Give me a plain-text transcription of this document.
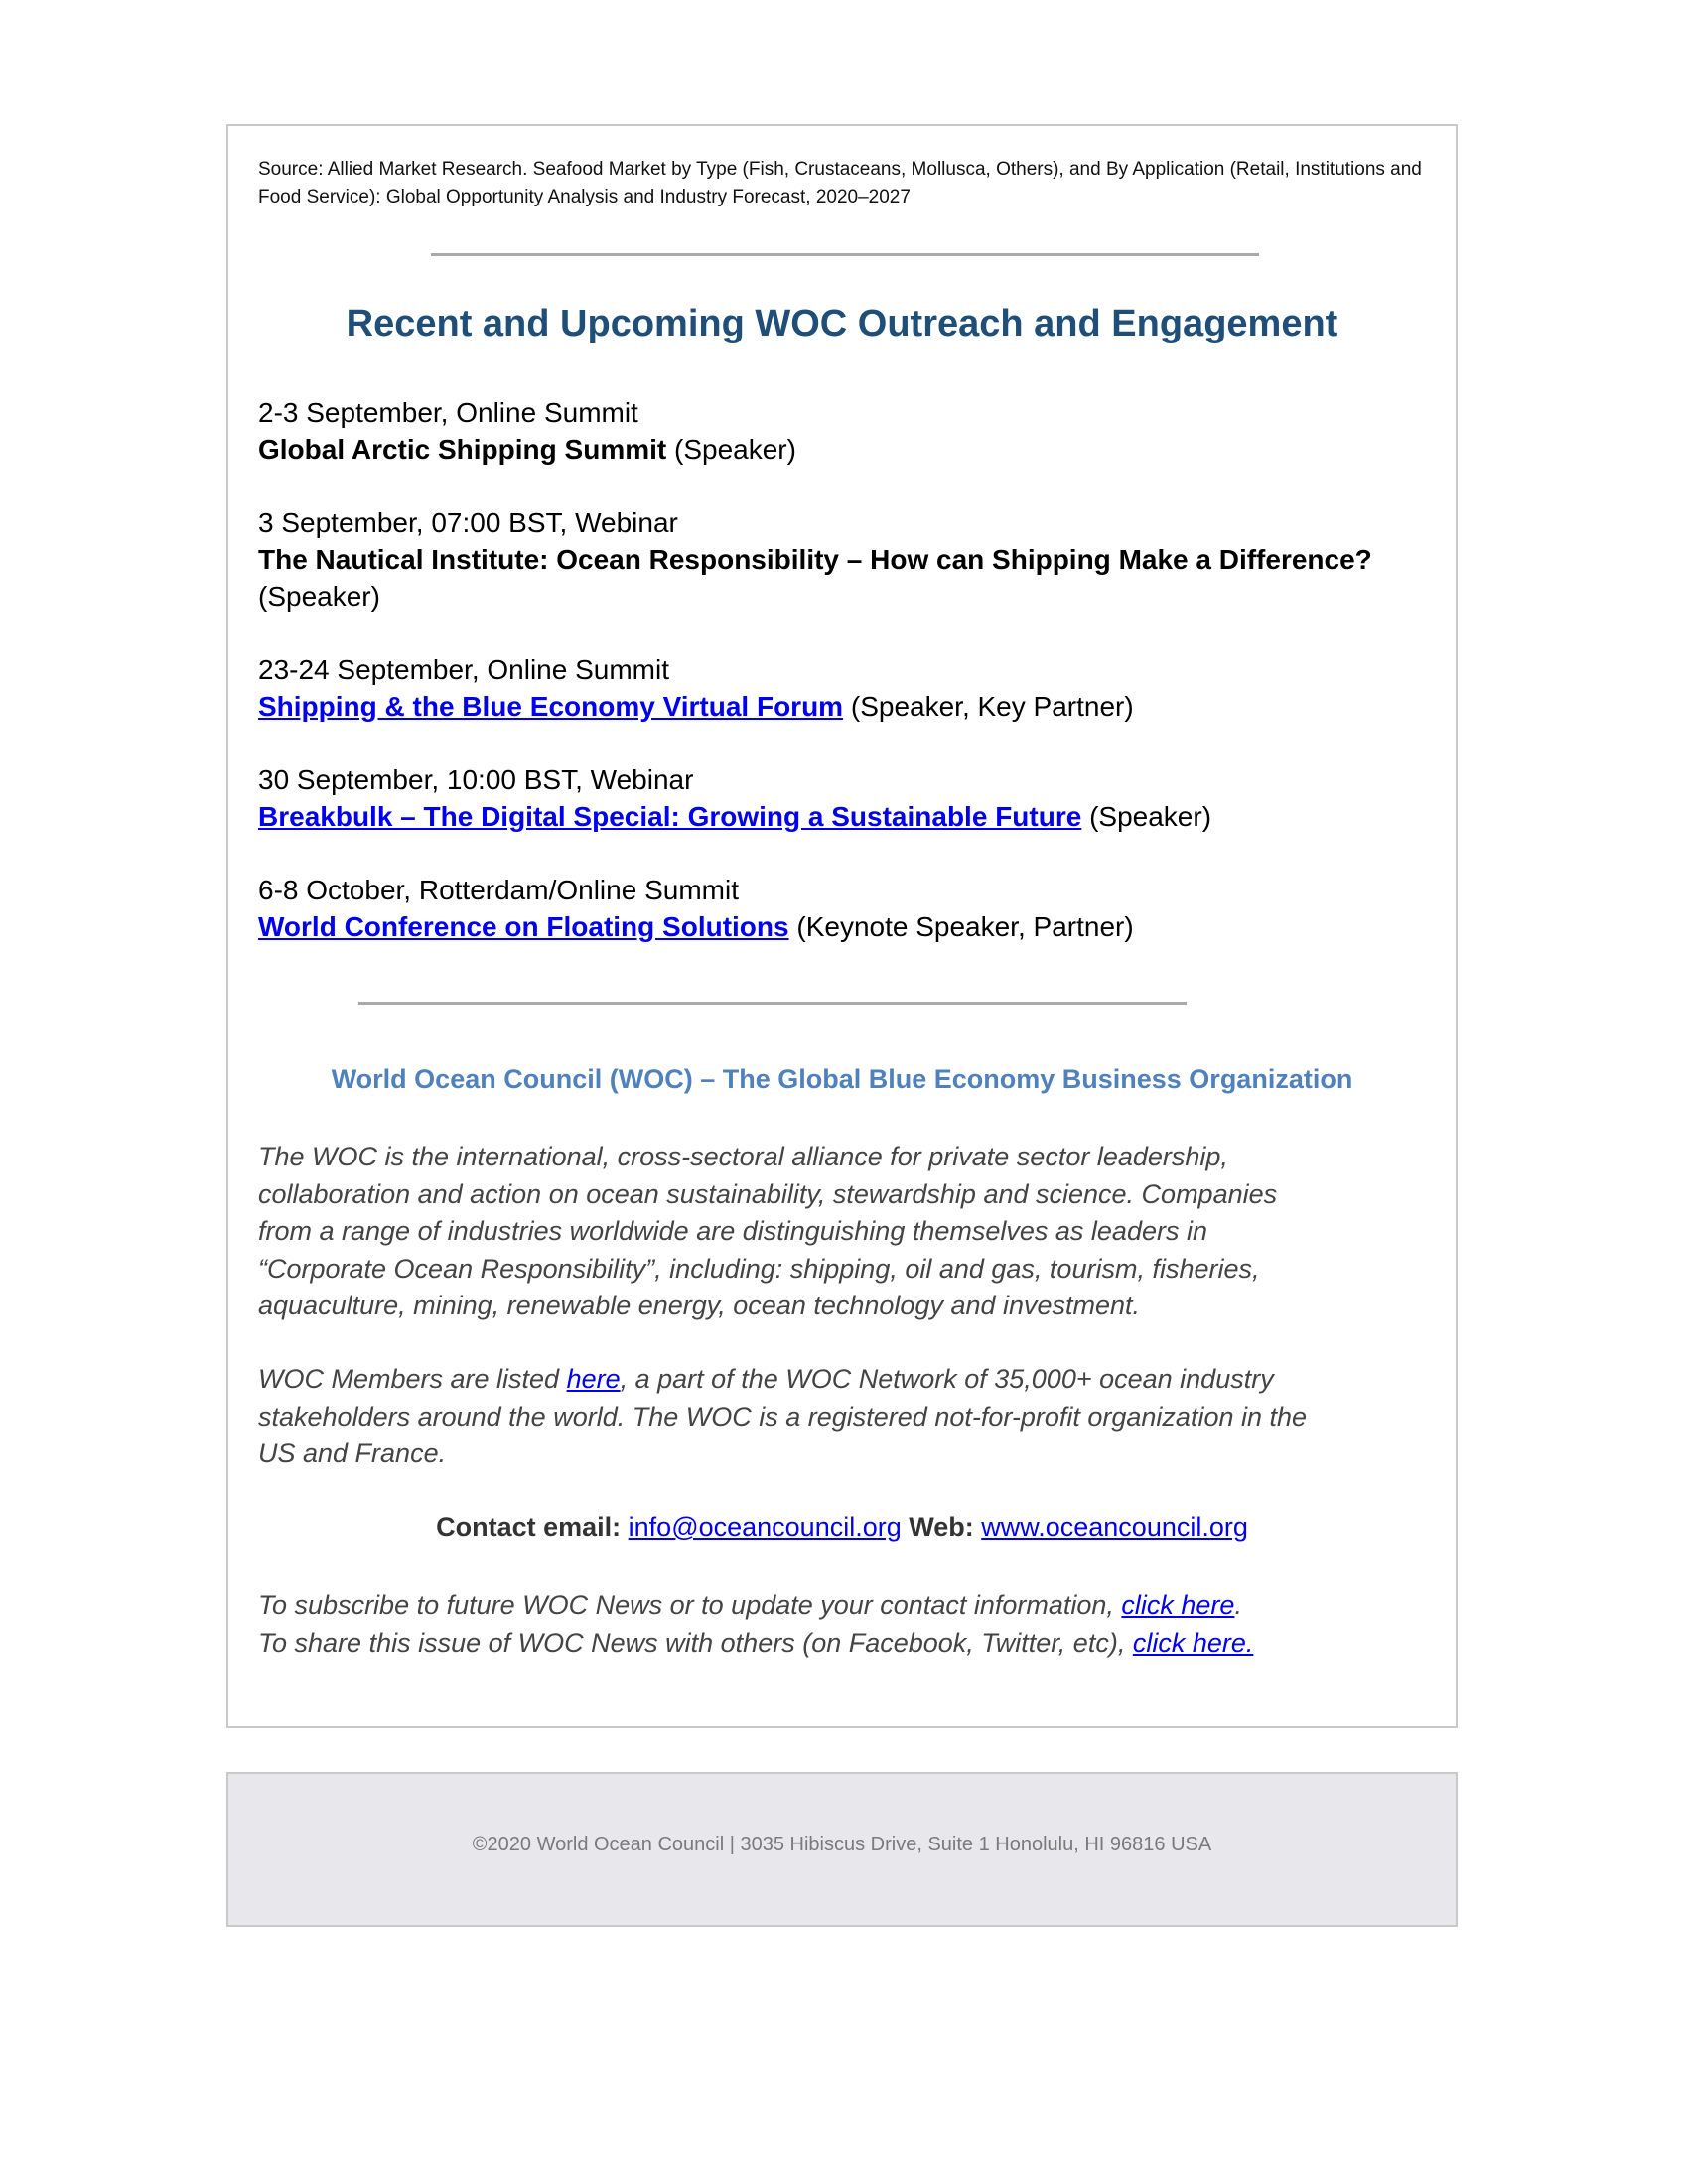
Source: Allied Market Research. Seafood Market by Type (Fish, Crustaceans, Mollusca, Others), and By Application (Retail, Institutions and Food Service): Global Opportunity Analysis and Industry Forecast, 2020–2027
Recent and Upcoming WOC Outreach and Engagement
2-3 September, Online Summit
Global Arctic Shipping Summit (Speaker)
3 September, 07:00 BST, Webinar
The Nautical Institute: Ocean Responsibility – How can Shipping Make a Difference?
(Speaker)
23-24 September, Online Summit
Shipping & the Blue Economy Virtual Forum (Speaker, Key Partner)
30 September, 10:00 BST, Webinar
Breakbulk – The Digital Special: Growing a Sustainable Future (Speaker)
6-8 October, Rotterdam/Online Summit
World Conference on Floating Solutions (Keynote Speaker, Partner)
World Ocean Council (WOC) – The Global Blue Economy Business Organization
The WOC is the international, cross-sectoral alliance for private sector leadership,
collaboration and action on ocean sustainability, stewardship and science. Companies
from a range of industries worldwide are distinguishing themselves as leaders in
“Corporate Ocean Responsibility”, including: shipping, oil and gas, tourism, fisheries,
aquaculture, mining, renewable energy, ocean technology and investment.
WOC Members are listed here, a part of the WOC Network of 35,000+ ocean industry
stakeholders around the world. The WOC is a registered not-for-profit organization in the
US and France.
Contact email: info@oceancouncil.org Web: www.oceancouncil.org
To subscribe to future WOC News or to update your contact information, click here.
To share this issue of WOC News with others (on Facebook, Twitter, etc), click here.
©2020 World Ocean Council | 3035 Hibiscus Drive, Suite 1 Honolulu, HI 96816 USA
